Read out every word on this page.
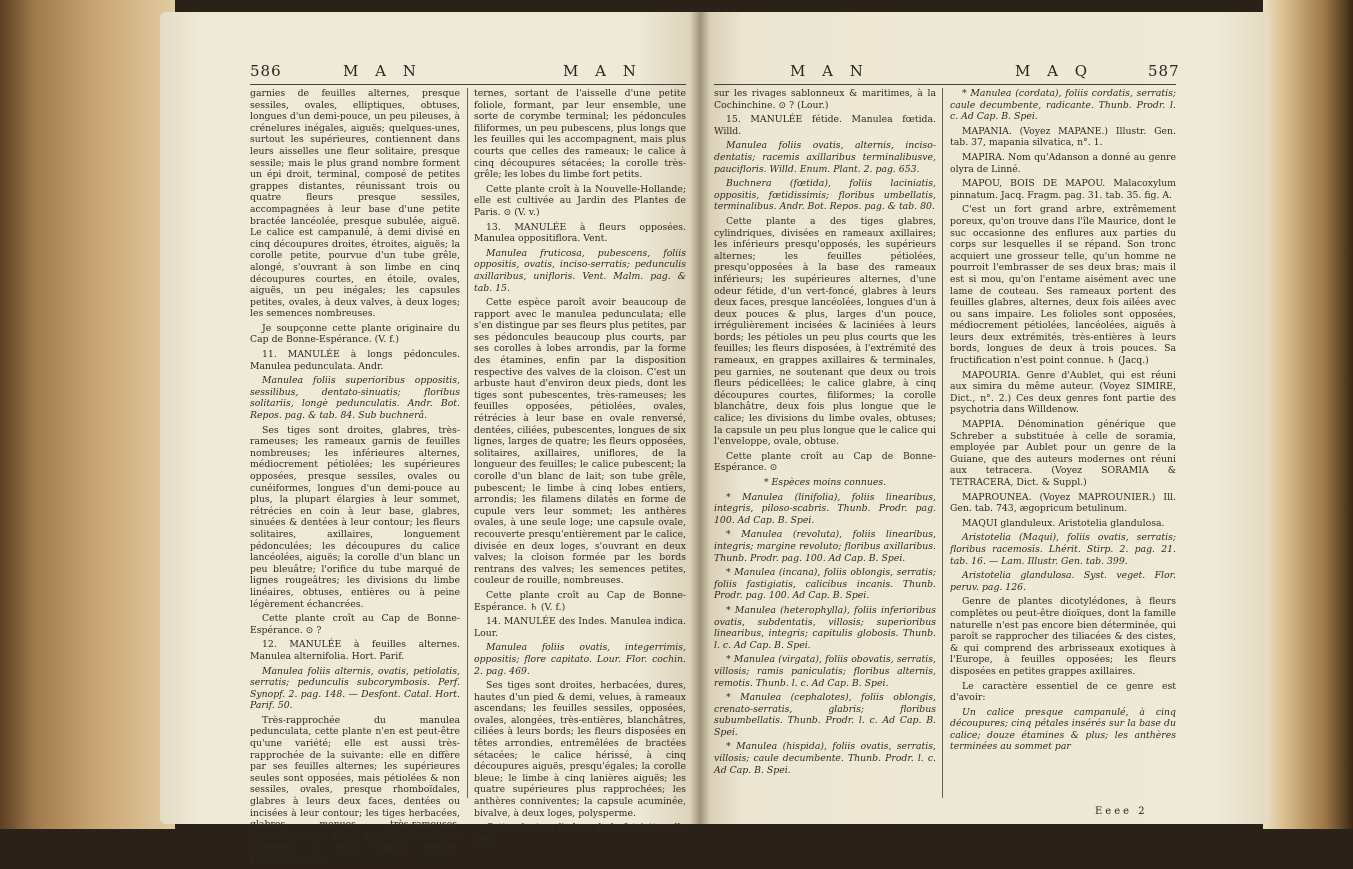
586	M A N	M A N	M A N	M A Q	587

garnies de feuilles alternes, presque sessiles, ovales, elliptiques, obtuses, longues d'un demi-pouce, un peu pileuses, à crénelures inégales, aiguës; quelques-unes, surtout les supérieures, contiennent dans leurs aisselles une fleur solitaire, presque sessile; mais le plus grand nombre forment un épi droit, terminal, composé de petites grappes distantes, réunissant trois ou quatre fleurs presque sessiles, accompagnées à leur base d'une petite bractée lancéolée, presque subulée, aiguë. Le calice est campanulé, à demi divisé en cinq découpures droites, étroites, aiguës; la corolle petite, pourvue d'un tube grêle, alongé, s'ouvrant à son limbe en cinq découpures courtes, en étoile, ovales, aiguës, un peu inégales; les capsules petites, ovales, à deux valves, à deux loges; les semences nombreuses.

Je soupçonne cette plante originaire du Cap de Bonne-Espérance. (V. f.)

11. MANULÉE à longs pédoncules. Manulea pedunculata. Andr.

Manulea foliis superioribus oppositis, sessilibus, dentato-sinuatis; floribus solitariis, longè pedunculatis. Andr. Bot. Repos. pag. & tab. 84. Sub buchnerâ.

Ses tiges sont droites, glabres, très-rameuses; les rameaux garnis de feuilles nombreuses; les inférieures alternes, médiocrement pétiolées; les supérieures opposées, presque sessiles, ovales ou cunéiformes, longues d'un demi-pouce au plus, la plupart élargies à leur sommet, rétrécies en coin à leur base, glabres, sinuées & dentées à leur contour; les fleurs solitaires, axillaires, longuement pédonculées; les découpures du calice lancéolées, aiguës; la corolle d'un blanc un peu bleuâtre; l'orifice du tube marqué de lignes rougeâtres; les divisions du limbe linéaires, obtuses, entières ou à peine légèrement échancrées.

Cette plante croît au Cap de Bonne-Espérance. ⊙ ?

12. MANULÉE à feuilles alternes. Manulea alternifolia. Hort. Parif.

Manulea foliis alternis, ovatis, petiolatis, serratis; pedunculis subcorymbosis. Perf. Synopf. 2. pag. 148. — Desfont. Catal. Hort. Parif. 50.

Très-rapprochée du manulea pedunculata, cette plante n'en est peut-être qu'une variété; elle est aussi très-rapprochée de la suivante: elle en diffère par ses feuilles alternes; les supérieures seules sont opposées, mais pétiolées & non sessiles, ovales, presque rhomboïdales, glabres à leurs deux faces, dentées ou incisées à leur contour; les tiges herbacées, glabres, menues, très-rameuses, cylindriques; les fleurs blanchâtres, un peu jaunâtres à leur orifice, petites, pédonculées, al-

ternes, sortant de l'aisselle d'une petite foliole, formant, par leur ensemble, une sorte de corymbe terminal; les pédoncules filiformes, un peu pubescens, plus longs que les feuilles qui les accompagnent, mais plus courts que celles des rameaux; le calice à cinq découpures sétacées; la corolle très-grêle; les lobes du limbe fort petits.

Cette plante croît à la Nouvelle-Hollande; elle est cultivée au Jardin des Plantes de Paris. ⊙ (V. v.)

13. MANULÉE à fleurs opposées. Manulea oppositiflora. Vent.

Manulea fruticosa, pubescens, foliis oppositis, ovatis, inciso-serratis; pedunculis axillaribus, unifloris. Vent. Malm. pag. & tab. 15.

Cette espèce paroît avoir beaucoup de rapport avec le manulea pedunculata; elle s'en distingue par ses fleurs plus petites, par ses pédoncules beaucoup plus courts, par ses corolles à lobes arrondis, par la forme des étamines, enfin par la disposition respective des valves de la cloison. C'est un arbuste haut d'environ deux pieds, dont les tiges sont pubescentes, très-rameuses; les feuilles opposées, pétiolées, ovales, rétrécies à leur base en ovale renversé, dentées, ciliées, pubescentes, longues de six lignes, larges de quatre; les fleurs opposées, solitaires, axillaires, uniflores, de la longueur des feuilles; le calice pubescent; la corolle d'un blanc de lait; son tube grêle, pubescent; le limbe à cinq lobes entiers, arrondis; les filamens dilatés en forme de cupule vers leur sommet; les anthères ovales, à une seule loge; une capsule ovale, recouverte presqu'entièrement par le calice, divisée en deux loges, s'ouvrant en deux valves; la cloison formée par les bords rentrans des valves; les semences petites, couleur de rouille, nombreuses.

Cette plante croît au Cap de Bonne-Espérance. ♄ (V. f.)

14. MANULÉE des Indes. Manulea indica. Lour.

Manulea foliis ovatis, integerrimis, oppositis; flore capitato. Lour. Flor. cochin. 2. pag. 469.

Ses tiges sont droites, herbacées, dures, hautes d'un pied & demi, velues, à rameaux ascendans; les feuilles sessiles, opposées, ovales, alongées, très-entières, blanchâtres, ciliées à leurs bords; les fleurs disposées en têtes arrondies, entremêlées de bractées sétacées; le calice hérissé, à cinq découpures aiguës, presqu'égales; la corolle bleue; le limbe à cinq lanières aiguës; les quatre supérieures plus rapprochées; les anthères conniventes; la capsule acuminée, bivalve, à deux loges, polysperme.

Cette plante a l'odeur de la fatriette; elle croît

sur les rivages sablonneux & maritimes, à la Cochinchine. ⊙ ? (Lour.)

15. MANULÉE fétide. Manulea fœtida. Willd.

Manulea foliis ovatis, alternis, inciso-dentatis; racemis axillaribus terminalibusve, paucifloris. Willd. Enum. Plant. 2. pag. 653.

Buchnera (fœtida), foliis laciniatis, oppositis, fœtidissimis; floribus umbellatis, terminalibus. Andr. Bot. Repos. pag. & tab. 80.

Cette plante a des tiges glabres, cylindriques, divisées en rameaux axillaires; les inférieurs presqu'opposés, les supérieurs alternes; les feuilles pétiolées, presqu'opposées à la base des rameaux inférieurs; les supérieures alternes, d'une odeur fétide, d'un vert-foncé, glabres à leurs deux faces, presque lancéolées, longues d'un à deux pouces & plus, larges d'un pouce, irrégulièrement incisées & laciniées à leurs bords; les pétioles un peu plus courts que les feuilles; les fleurs disposées, à l'extrémité des rameaux, en grappes axillaires & terminales, peu garnies, ne soutenant que deux ou trois fleurs pédicellées; le calice glabre, à cinq découpures courtes, filiformes; la corolle blanchâtre, deux fois plus longue que le calice; les divisions du limbe ovales, obtuses; la capsule un peu plus longue que le calice qui l'enveloppe, ovale, obtuse.

Cette plante croît au Cap de Bonne-Espérance. ⊙

* Espèces moins connues.

* Manulea (linifolia), foliis linearibus, integris, piloso-scabris. Thunb. Prodr. pag. 100. Ad Cap. B. Spei.

* Manulea (revoluta), foliis linearibus, integris; margine revoluto; floribus axillaribus. Thunb. Prodr. pag. 100. Ad Cap. B. Spei.

* Manulea (incana), foliis oblongis, serratis; foliis fastigiatis, calicibus incanis. Thunb. Prodr. pag. 100. Ad Cap. B. Spei.

* Manulea (heterophylla), foliis inferioribus ovatis, subdentatis, villosis; superioribus linearibus, integris; capitulis globosis. Thunb. l. c. Ad Cap. B. Spei.

* Manulea (virgata), foliis obovatis, serratis, villosis; ramis paniculatis; floribus alternis, remotis. Thunb. l. c. Ad Cap. B. Spei.

* Manulea (cephalotes), foliis oblongis, crenato-serratis, glabris; floribus subumbellatis. Thunb. Prodr. l. c. Ad Cap. B. Spei.

* Manulea (hispida), foliis ovatis, serratis, villosis; caule decumbente. Thunb. Prodr. l. c. Ad Cap. B. Spei.

* Manulea (cordata), foliis cordatis, serratis; caule decumbente, radicante. Thunb. Prodr. l. c. Ad Cap. B. Spei.

MAPANIA. (Voyez MAPANE.) Illustr. Gen. tab. 37, mapania silvatica, n°. 1.

MAPIRA. Nom qu'Adanson a donné au genre olyra de Linné.

MAPOU, BOIS DE MAPOU. Malacoxylum pinnatum. Jacq. Fragm. pag. 31. tab. 35. fig. A.

C'est un fort grand arbre, extrêmement poreux, qu'on trouve dans l'île Maurice, dont le suc occasionne des enflures aux parties du corps sur lesquelles il se répand. Son tronc acquiert une grosseur telle, qu'un homme ne pourroit l'embrasser de ses deux bras; mais il est si mou, qu'on l'entame aisément avec une lame de couteau. Ses rameaux portent des feuilles glabres, alternes, deux fois ailées avec ou sans impaire. Les folioles sont opposées, médiocrement pétiolées, lancéolées, aiguës à leurs deux extrémités, très-entières à leurs bords, longues de deux à trois pouces. Sa fructification n'est point connue. ♄ (Jacq.)

MAPOURIA. Genre d'Aublet, qui est réuni aux simira du même auteur. (Voyez SIMIRE, Dict., n°. 2.) Ces deux genres font partie des psychotria dans Willdenow.

MAPPIA. Dénomination générique que Schreber a substituée à celle de soramia, employée par Aublet pour un genre de la Guiane, que des auteurs modernes ont réuni aux tetracera. (Voyez SORAMIA & TETRACERA, Dict. & Suppl.)

MAPROUNEA. (Voyez MAPROUNIER.) Ill. Gen. tab. 743, ægopricum betulinum.

MAQUI glanduleux. Aristotelia glandulosa.

Aristotelia (Maqui), foliis ovatis, serratis; floribus racemosis. Lhérit. Stirp. 2. pag. 21. tab. 16. — Lam. Illustr. Gen. tab. 399.

Aristotelia glandulosa. Syst. veget. Flor. peruv. pag. 126.

Genre de plantes dicotylédones, à fleurs complètes ou peut-être dioïques, dont la famille naturelle n'est pas encore bien déterminée, qui paroît se rapprocher des tiliacées & des cistes, & qui comprend des arbrisseaux exotiques à l'Europe, à feuilles opposées; les fleurs disposées en petites grappes axillaires.

Le caractère essentiel de ce genre est d'avoir:

Un calice presque campanulé, à cinq découpures; cinq pétales insérés sur la base du calice; douze étamines & plus; les anthères terminées au sommet par

Eeee 2
